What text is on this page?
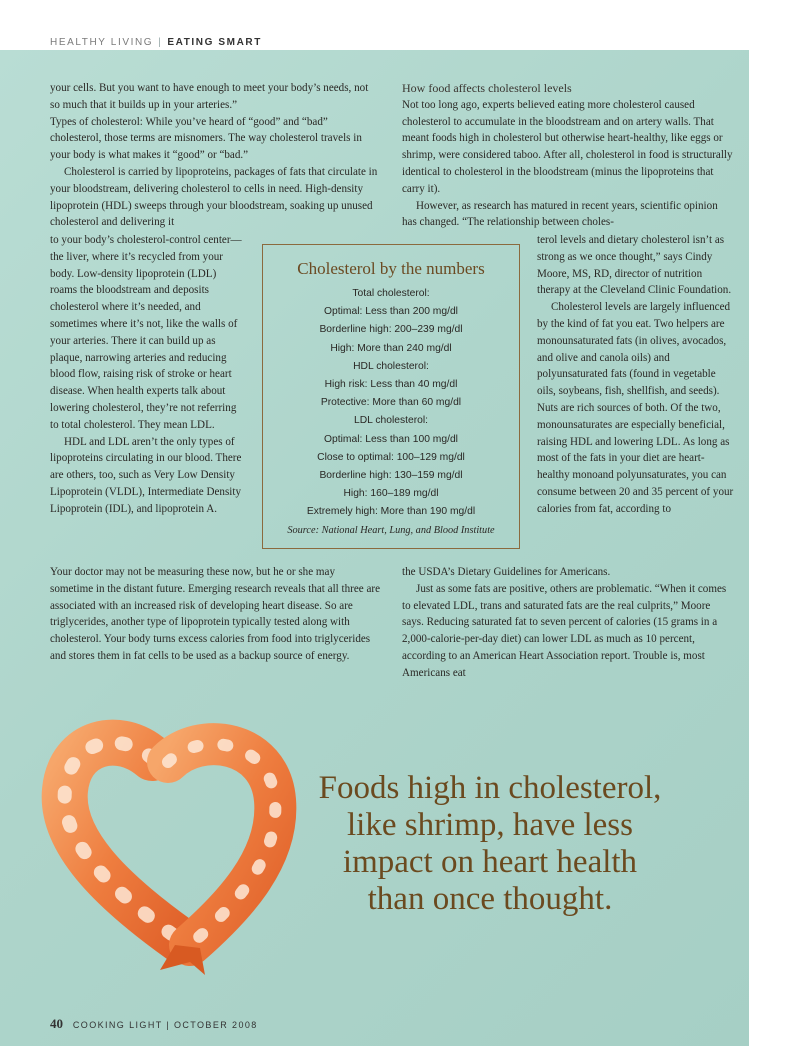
HEALTHY LIVING | EATING SMART

your cells. But you want to have enough to meet your body’s needs, not so much that it builds up in your arteries.”

Types of cholesterol: While you’ve heard of “good” and “bad” cholesterol, those terms are misnomers. The way cholesterol travels in your body is what makes it “good” or “bad.”

Cholesterol is carried by lipoproteins, packages of fats that circulate in your bloodstream, delivering cholesterol to cells in need. High-density lipoprotein (HDL) sweeps through your bloodstream, soaking up unused cholesterol and delivering it

to your body’s cholesterol-control center—the liver, where it’s recycled from your body. Low-density lipoprotein (LDL) roams the bloodstream and deposits cholesterol where it’s needed, and sometimes where it’s not, like the walls of your arteries. There it can build up as plaque, narrowing arteries and reducing blood flow, raising risk of stroke or heart disease. When health experts talk about lowering cholesterol, they’re not referring to total cholesterol. They mean LDL.

HDL and LDL aren’t the only types of lipoproteins circulating in our blood. There are others, too, such as Very Low Density Lipoprotein (VLDL), Intermediate Density Lipoprotein (IDL), and lipoprotein A.

Your doctor may not be measuring these now, but he or she may sometime in the distant future. Emerging research reveals that all three are associated with an increased risk of developing heart disease. So are triglycerides, another type of lipoprotein typically tested along with cholesterol. Your body turns excess calories from food into triglycerides and stores them in fat cells to be used as a backup source of energy.

How food affects cholesterol levels

Not too long ago, experts believed eating more cholesterol caused cholesterol to accumulate in the bloodstream and on artery walls. That meant foods high in cholesterol but otherwise heart-healthy, like eggs or shrimp, were considered taboo. After all, cholesterol in food is structurally identical to cholesterol in the bloodstream (minus the lipoproteins that carry it).

However, as research has matured in recent years, scientific opinion has changed. “The relationship between choles-

terol levels and dietary cholesterol isn’t as strong as we once thought,” says Cindy Moore, MS, RD, director of nutrition therapy at the Cleveland Clinic Foundation.

Cholesterol levels are largely influenced by the kind of fat you eat. Two helpers are monounsaturated fats (in olives, avocados, and olive and canola oils) and polyunsaturated fats (found in vegetable oils, soybeans, fish, shellfish, and seeds). Nuts are rich sources of both. Of the two, monounsaturates are especially beneficial, raising HDL and lowering LDL. As long as most of the fats in your diet are heart-healthy monoand polyunsaturates, you can consume between 20 and 35 percent of your calories from fat, according to

the USDA’s Dietary Guidelines for Americans.

Just as some fats are positive, others are problematic. “When it comes to elevated LDL, trans and saturated fats are the real culprits,” Moore says. Reducing saturated fat to seven percent of calories (15 grams in a 2,000-calorie-per-day diet) can lower LDL as much as 10 percent, according to an American Heart Association report. Trouble is, most Americans eat

Cholesterol by the numbers
Total cholesterol:
Optimal: Less than 200 mg/dl
Borderline high: 200–239 mg/dl
High: More than 240 mg/dl
HDL cholesterol:
High risk: Less than 40 mg/dl
Protective: More than 60 mg/dl
LDL cholesterol:
Optimal: Less than 100 mg/dl
Close to optimal: 100–129 mg/dl
Borderline high: 130–159 mg/dl
High: 160–189 mg/dl
Extremely high: More than 190 mg/dl
Source: National Heart, Lung, and Blood Institute
Foods high in cholesterol,
like shrimp, have less
impact on heart health
than once thought.
40 COOKING LIGHT | OCTOBER 2008
